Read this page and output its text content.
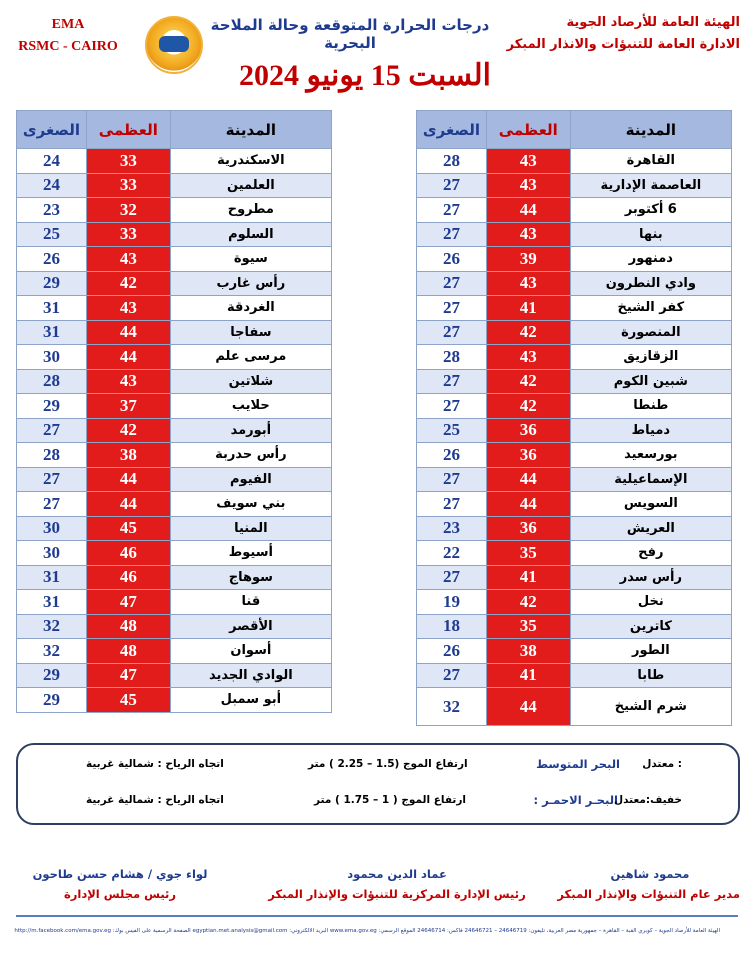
EMA
RSMC - CAIRO
درجات الحرارة المتوقعة وحالة الملاحة البحرية
الهيئة العامة للأرصاد الجوية
الادارة العامة للتنبؤات والانذار المبكر
السبت 15 يونيو 2024
الصغرى	العظمى	المدينة
24	33	الاسكندرية
24	33	العلمين
23	32	مطروح
25	33	السلوم
26	43	سيوة
29	42	رأس غارب
31	43	الغردقة
31	44	سفاجا
30	44	مرسى علم
28	43	شلاتين
29	37	حلايب
27	42	أبورمد
28	38	رأس حدربة
27	44	الفيوم
27	44	بني سويف
30	45	المنيا
30	46	أسيوط
31	46	سوهاج
31	47	قنا
32	48	الأقصر
32	48	أسوان
29	47	الوادي الجديد
29	45	أبو سمبل
الصغرى	العظمى	المدينة
28	43	القاهرة
27	43	العاصمة الإدارية
27	44	6 أكتوبر
27	43	بنها
26	39	دمنهور
27	43	وادي النطرون
27	41	كفر الشيخ
27	42	المنصورة
28	43	الزقازيق
27	42	شبين الكوم
27	42	طنطا
25	36	دمياط
26	36	بورسعيد
27	44	الإسماعيلية
27	44	السويس
23	36	العريش
22	35	رفح
27	41	رأس سدر
19	42	نخل
18	35	كاترين
26	38	الطور
27	41	طابا
32	44	شرم الشيخ
البحر المتوسط : معتدل
ارتفاع الموج (1.5 – 2.25 ) متر
اتجاه الرياح : شمالية غربية
البحـر الاحمـر :
خفيف:معتدل
ارتفاع الموج ( 1 – 1.75 ) متر
اتجاه الرياح : شمالية غربية
محمود شاهين
مدير عام التنبؤات والإنذار المبكر
عماد الدين محمود
رئيس الإدارة المركزية للتنبؤات والإنذار المبكر
لواء جوي / هشام حسن طاحون
رئيس مجلس الإدارة
الهيئة العامة للأرصاد الجوية – كوبري القبة – القاهرة – جمهورية مصر العربية، تليفون: 24646719 – 24646721 فاكس: 24646714 الموقع الرسمي: www.ema.gov.eg البريد الالكتروني: egyptian.met.analysis@gmail.com الصفحة الرسمية على الفيس بوك: http://m.facebook.com/ema.gov.eg
